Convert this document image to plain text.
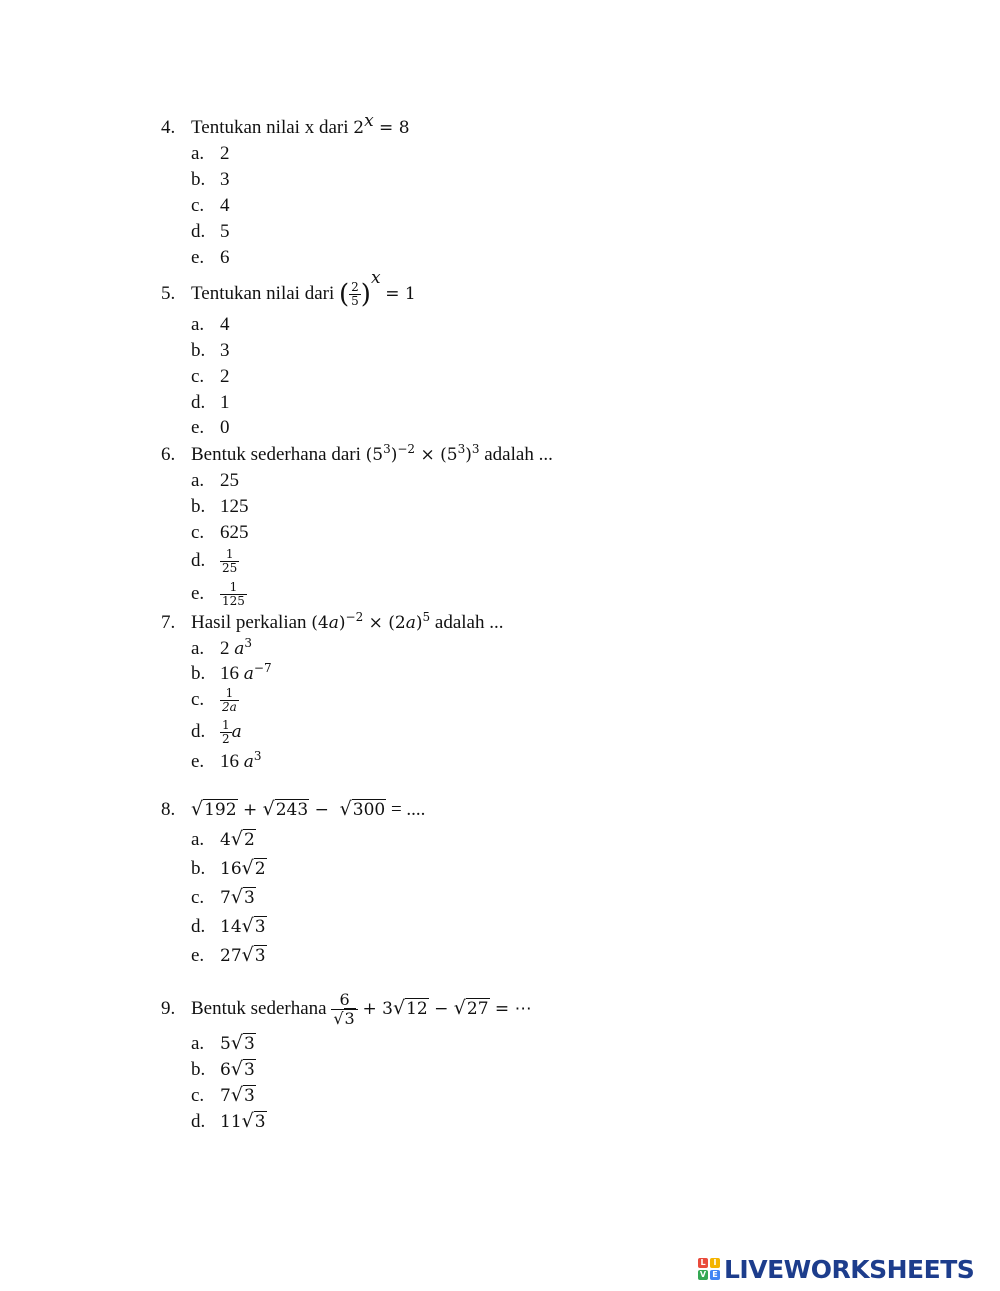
4. Tentukan nilai x dari $2^x = 8$
a. 2
b. 3
c. 4
d. 5
e. 6
5. Tentukan nilai dari ( $\frac{2}{5} )^x = 1$
a. 4
b. 3
c. 2
d. 1
e. 0
6. Bentuk sederhana dari $(5^3)^{-2} \times (5^3)^3$ adalah ...
a. 25
b. 125
c. 625
d. $\frac{1}{25}$
e. $\frac{1}{125}$
7. Hasil perkalian $(4a)^{-2} \times (2a)^5$ adalah ...
a. 2 $a^3$
b. 16 $a^{-7}$
c. $\frac{1}{2a}$
d. $\frac{1}{2}$ a
e. 16 $a^3$
8. √192 + √243 −  √300 = ....
a. 4√2
b. 16√2
c. 7√3
d. 14√3
e. 27√3
9. Bentuk sederhana $\frac{6}{√3} + 3√12 - √27$ = ⋯
a. 5√3
b. 6√3
c. 7√3
d. 11√3
L I
V E LIVEWORKSHEETS
